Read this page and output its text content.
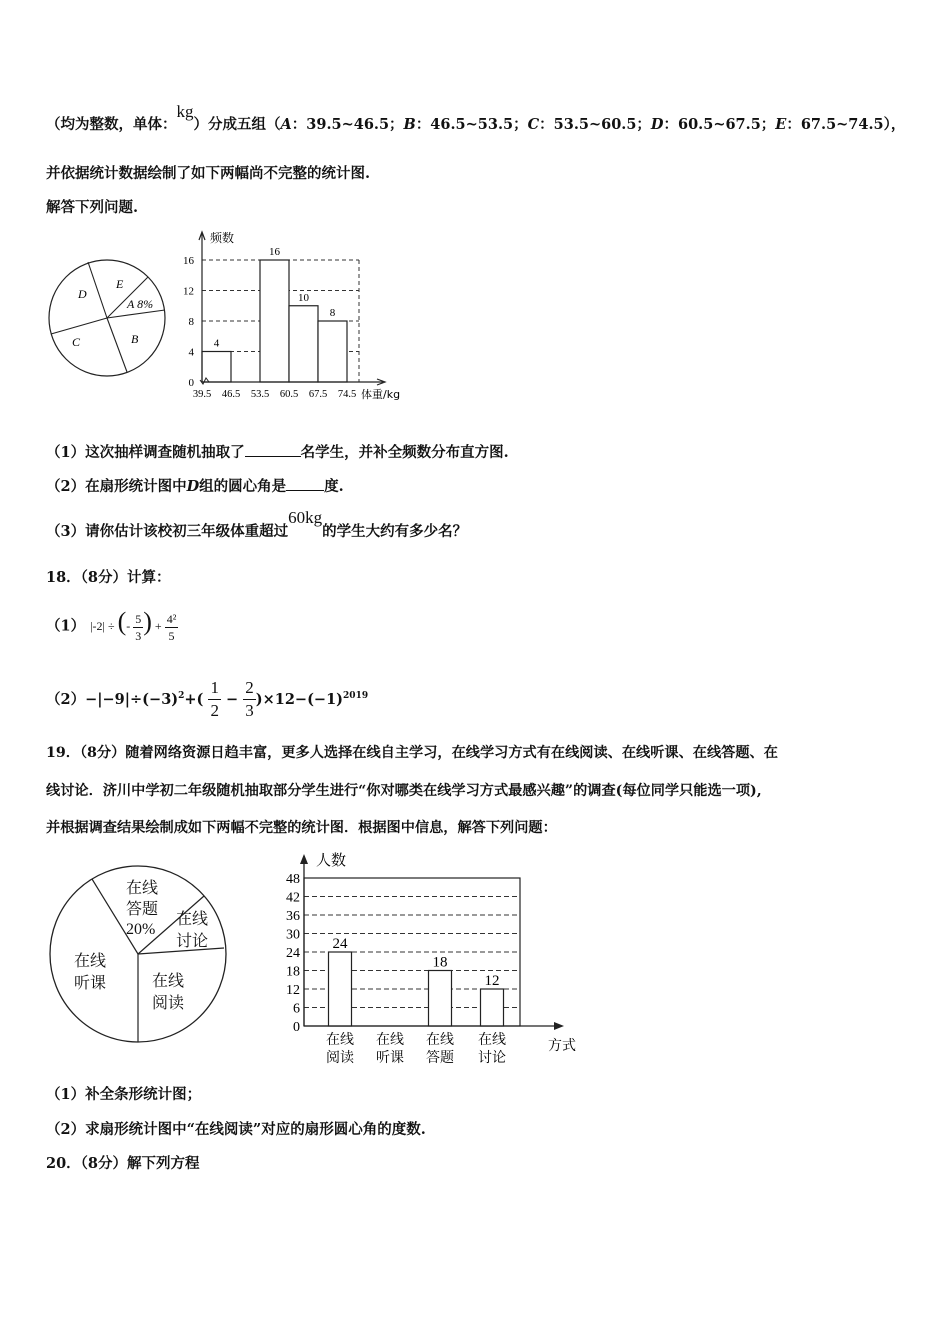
（均为整数，单体：kg）分成五组（A：39.5~46.5；B：46.5~53.5；C：53.5~60.5；D：60.5~67.5；E：67.5~74.5），
并依据统计数据绘制了如下两幅尚不完整的统计图.
解答下列问题.
D
E
A 8%
B
C
0
4
8
12
16
4
16
10
8
39.5 46.5 53.5 60.5 67.5 74.5
频数
体重/kg
（1）这次抽样调查随机抽取了	名学生，并补全频数分布直方图.
（2）在扇形统计图中D组的圆心角是	度.
（3）请你估计该校初三年级体重超过60kg的学生大约有多少名？
18．（8分）计算：
（1） |-2| ÷ (- $\frac{5}{3}$ ) + $\frac{\text{4²}}{5}$
$(2)-|-9|\div(-3)^2+( \frac{1}{2} - \frac{2}{3} )\times 12-(-1)^{2019}$
19．（8分）随着网络资源日趋丰富，更多人选择在线自主学习，在线学习方式有在线阅读、在线听课、在线答题、在
线讨论．济川中学初二年级随机抽取部分学生进行“你对哪类在线学习方式最感兴趣”的调查(每位同学只能选一项),
并根据调查结果绘制成如下两幅不完整的统计图．根据图中信息，解答下列问题：
在线
答题
20%
在线
讨论
在线
听课	在线
阅读
0
6
12
18
24
30
36
42
48
24
在线
阅读
在线
听课
18
在线
答题
12
在线
讨论
人数
方式
（1）补全条形统计图；
（2）求扇形统计图中“在线阅读”对应的扇形圆心角的度数.
20．（8分）解下列方程
